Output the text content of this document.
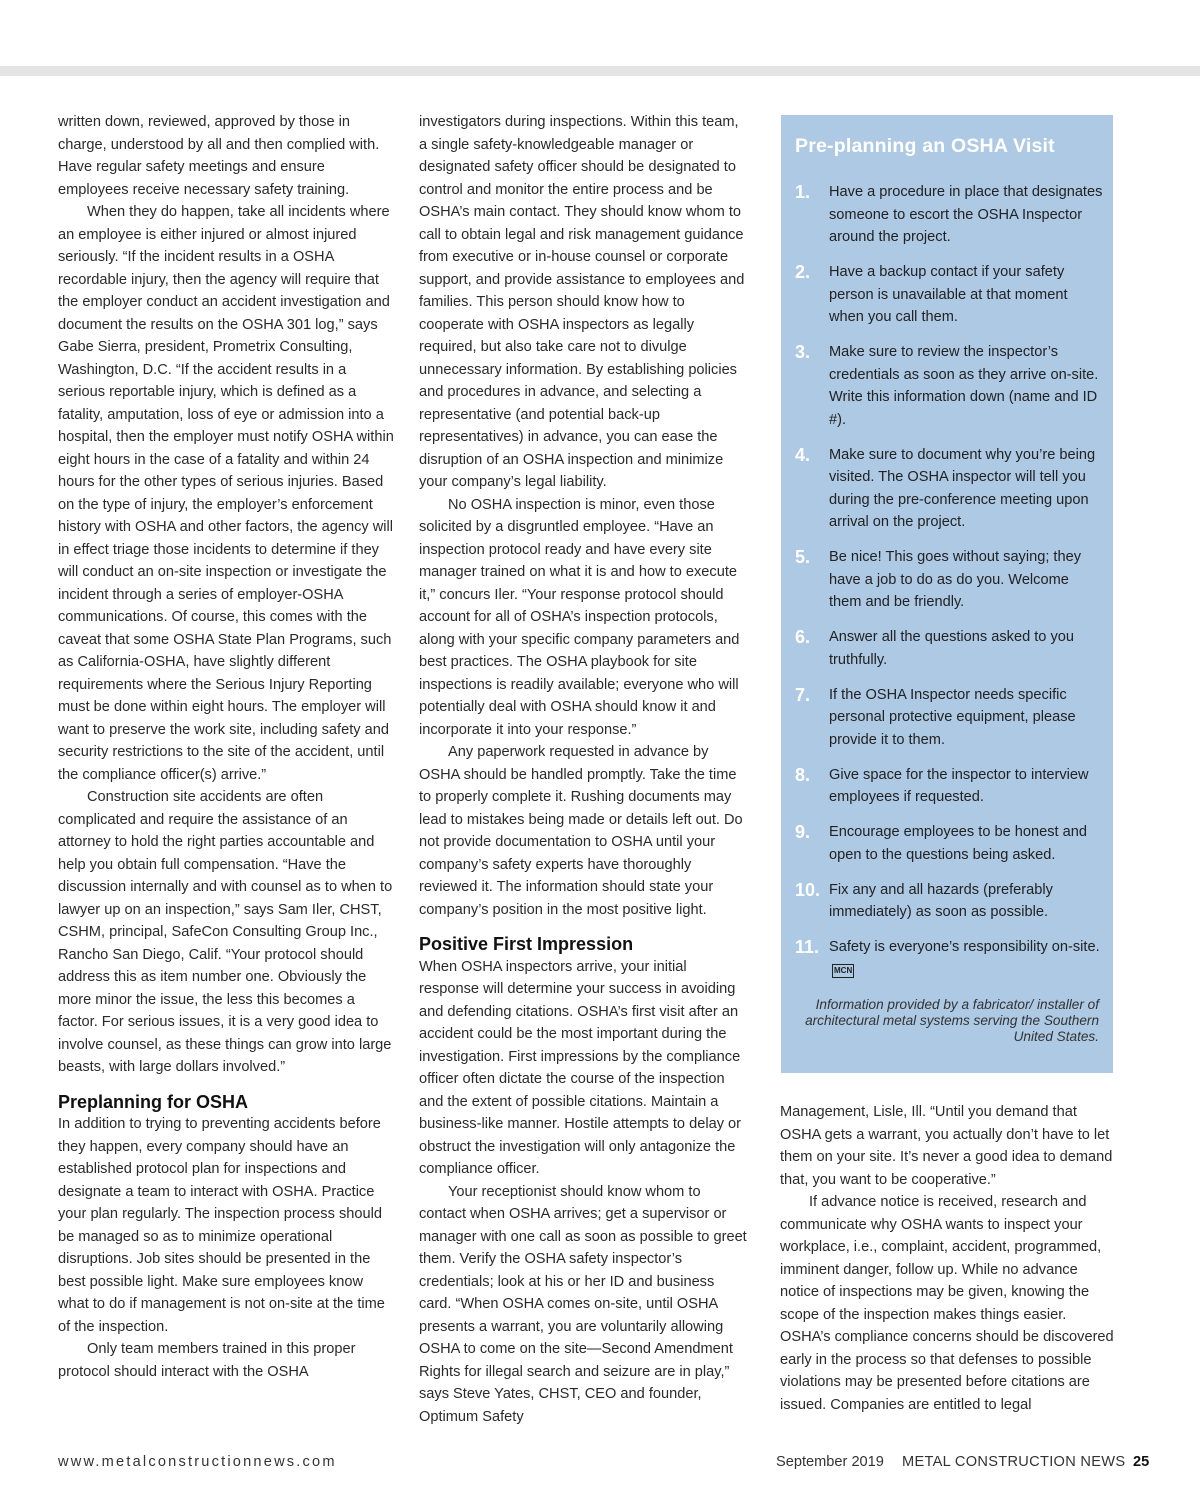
written down, reviewed, approved by those in charge, understood by all and then complied with. Have regular safety meetings and ensure employees receive necessary safety training.

When they do happen, take all incidents where an employee is either injured or almost injured seriously. “If the incident results in a OSHA recordable injury, then the agency will require that the employer conduct an accident investigation and document the results on the OSHA 301 log,” says Gabe Sierra, president, Prometrix Consulting, Washington, D.C. “If the accident results in a serious reportable injury, which is defined as a fatality, amputation, loss of eye or admission into a hospital, then the employer must notify OSHA within eight hours in the case of a fatality and within 24 hours for the other types of serious injuries. Based on the type of injury, the employer’s enforcement history with OSHA and other factors, the agency will in effect triage those incidents to determine if they will conduct an on-site inspection or investigate the incident through a series of employer-OSHA communications. Of course, this comes with the caveat that some OSHA State Plan Programs, such as California-OSHA, have slightly different requirements where the Serious Injury Reporting must be done within eight hours. The employer will want to preserve the work site, including safety and security restrictions to the site of the accident, until the compliance officer(s) arrive.”

Construction site accidents are often complicated and require the assistance of an attorney to hold the right parties accountable and help you obtain full compensation. “Have the discussion internally and with counsel as to when to lawyer up on an inspection,” says Sam Iler, CHST, CSHM, principal, SafeCon Consulting Group Inc., Rancho San Diego, Calif. “Your protocol should address this as item number one. Obviously the more minor the issue, the less this becomes a factor. For serious issues, it is a very good idea to involve counsel, as these things can grow into large beasts, with large dollars involved.”

Preplanning for OSHA

In addition to trying to preventing accidents before they happen, every company should have an established protocol plan for inspections and designate a team to interact with OSHA. Practice your plan regularly. The inspection process should be managed so as to minimize operational disruptions. Job sites should be presented in the best possible light. Make sure employees know what to do if management is not on-site at the time of the inspection.

Only team members trained in this proper protocol should interact with the OSHA

investigators during inspections. Within this team, a single safety-knowledgeable manager or designated safety officer should be designated to control and monitor the entire process and be OSHA’s main contact. They should know whom to call to obtain legal and risk management guidance from executive or in-house counsel or corporate support, and provide assistance to employees and families. This person should know how to cooperate with OSHA inspectors as legally required, but also take care not to divulge unnecessary information. By establishing policies and procedures in advance, and selecting a representative (and potential back-up representatives) in advance, you can ease the disruption of an OSHA inspection and minimize your company’s legal liability.

No OSHA inspection is minor, even those solicited by a disgruntled employee. “Have an inspection protocol ready and have every site manager trained on what it is and how to execute it,” concurs Iler. “Your response protocol should account for all of OSHA’s inspection protocols, along with your specific company parameters and best practices. The OSHA playbook for site inspections is readily available; everyone who will potentially deal with OSHA should know it and incorporate it into your response.”

Any paperwork requested in advance by OSHA should be handled promptly. Take the time to properly complete it. Rushing documents may lead to mistakes being made or details left out. Do not provide documentation to OSHA until your company’s safety experts have thoroughly reviewed it. The information should state your company’s position in the most positive light.

Positive First Impression

When OSHA inspectors arrive, your initial response will determine your success in avoiding and defending citations. OSHA’s first visit after an accident could be the most important during the investigation. First impressions by the compliance officer often dictate the course of the inspection and the extent of possible citations. Maintain a business-like manner. Hostile attempts to delay or obstruct the investigation will only antagonize the compliance officer.

Your receptionist should know whom to contact when OSHA arrives; get a supervisor or manager with one call as soon as possible to greet them. Verify the OSHA safety inspector’s credentials; look at his or her ID and business card. “When OSHA comes on-site, until OSHA presents a warrant, you are voluntarily allowing OSHA to come on the site—Second Amendment Rights for illegal search and seizure are in play,” says Steve Yates, CHST, CEO and founder, Optimum Safety

Pre-planning an OSHA Visit
1.	Have a procedure in place that designates someone to escort the OSHA Inspector around the project.
2.	Have a backup contact if your safety person is unavailable at that moment when you call them.
3.	Make sure to review the inspector’s credentials as soon as they arrive on-site. Write this information down (name and ID #).
4.	Make sure to document why you’re being visited. The OSHA inspector will tell you during the pre-conference meeting upon arrival on the project.
5.	Be nice! This goes without saying; they have a job to do as do you. Welcome them and be friendly.
6.	Answer all the questions asked to you truthfully.
7.	If the OSHA Inspector needs specific personal protective equipment, please provide it to them.
8.	Give space for the inspector to interview employees if requested.
9.	Encourage employees to be honest and open to the questions being asked.
10. Fix any and all hazards (preferably immediately) as soon as possible.
11. Safety is everyone’s responsibility on-site.MCN
Information provided by a fabricator/ installer of architectural metal systems serving the Southern United States.

Management, Lisle, Ill. “Until you demand that OSHA gets a warrant, you actually don’t have to let them on your site. It’s never a good idea to demand that, you want to be cooperative.”

If advance notice is received, research and communicate why OSHA wants to inspect your workplace, i.e., complaint, accident, programmed, imminent danger, follow up. While no advance notice of inspections may be given, knowing the scope of the inspection makes things easier. OSHA’s compliance concerns should be discovered early in the process so that defenses to possible violations may be presented before citations are issued. Companies are entitled to legal

www.metalconstructionnews.com	September 2019 METAL CONSTRUCTION NEWS 25
